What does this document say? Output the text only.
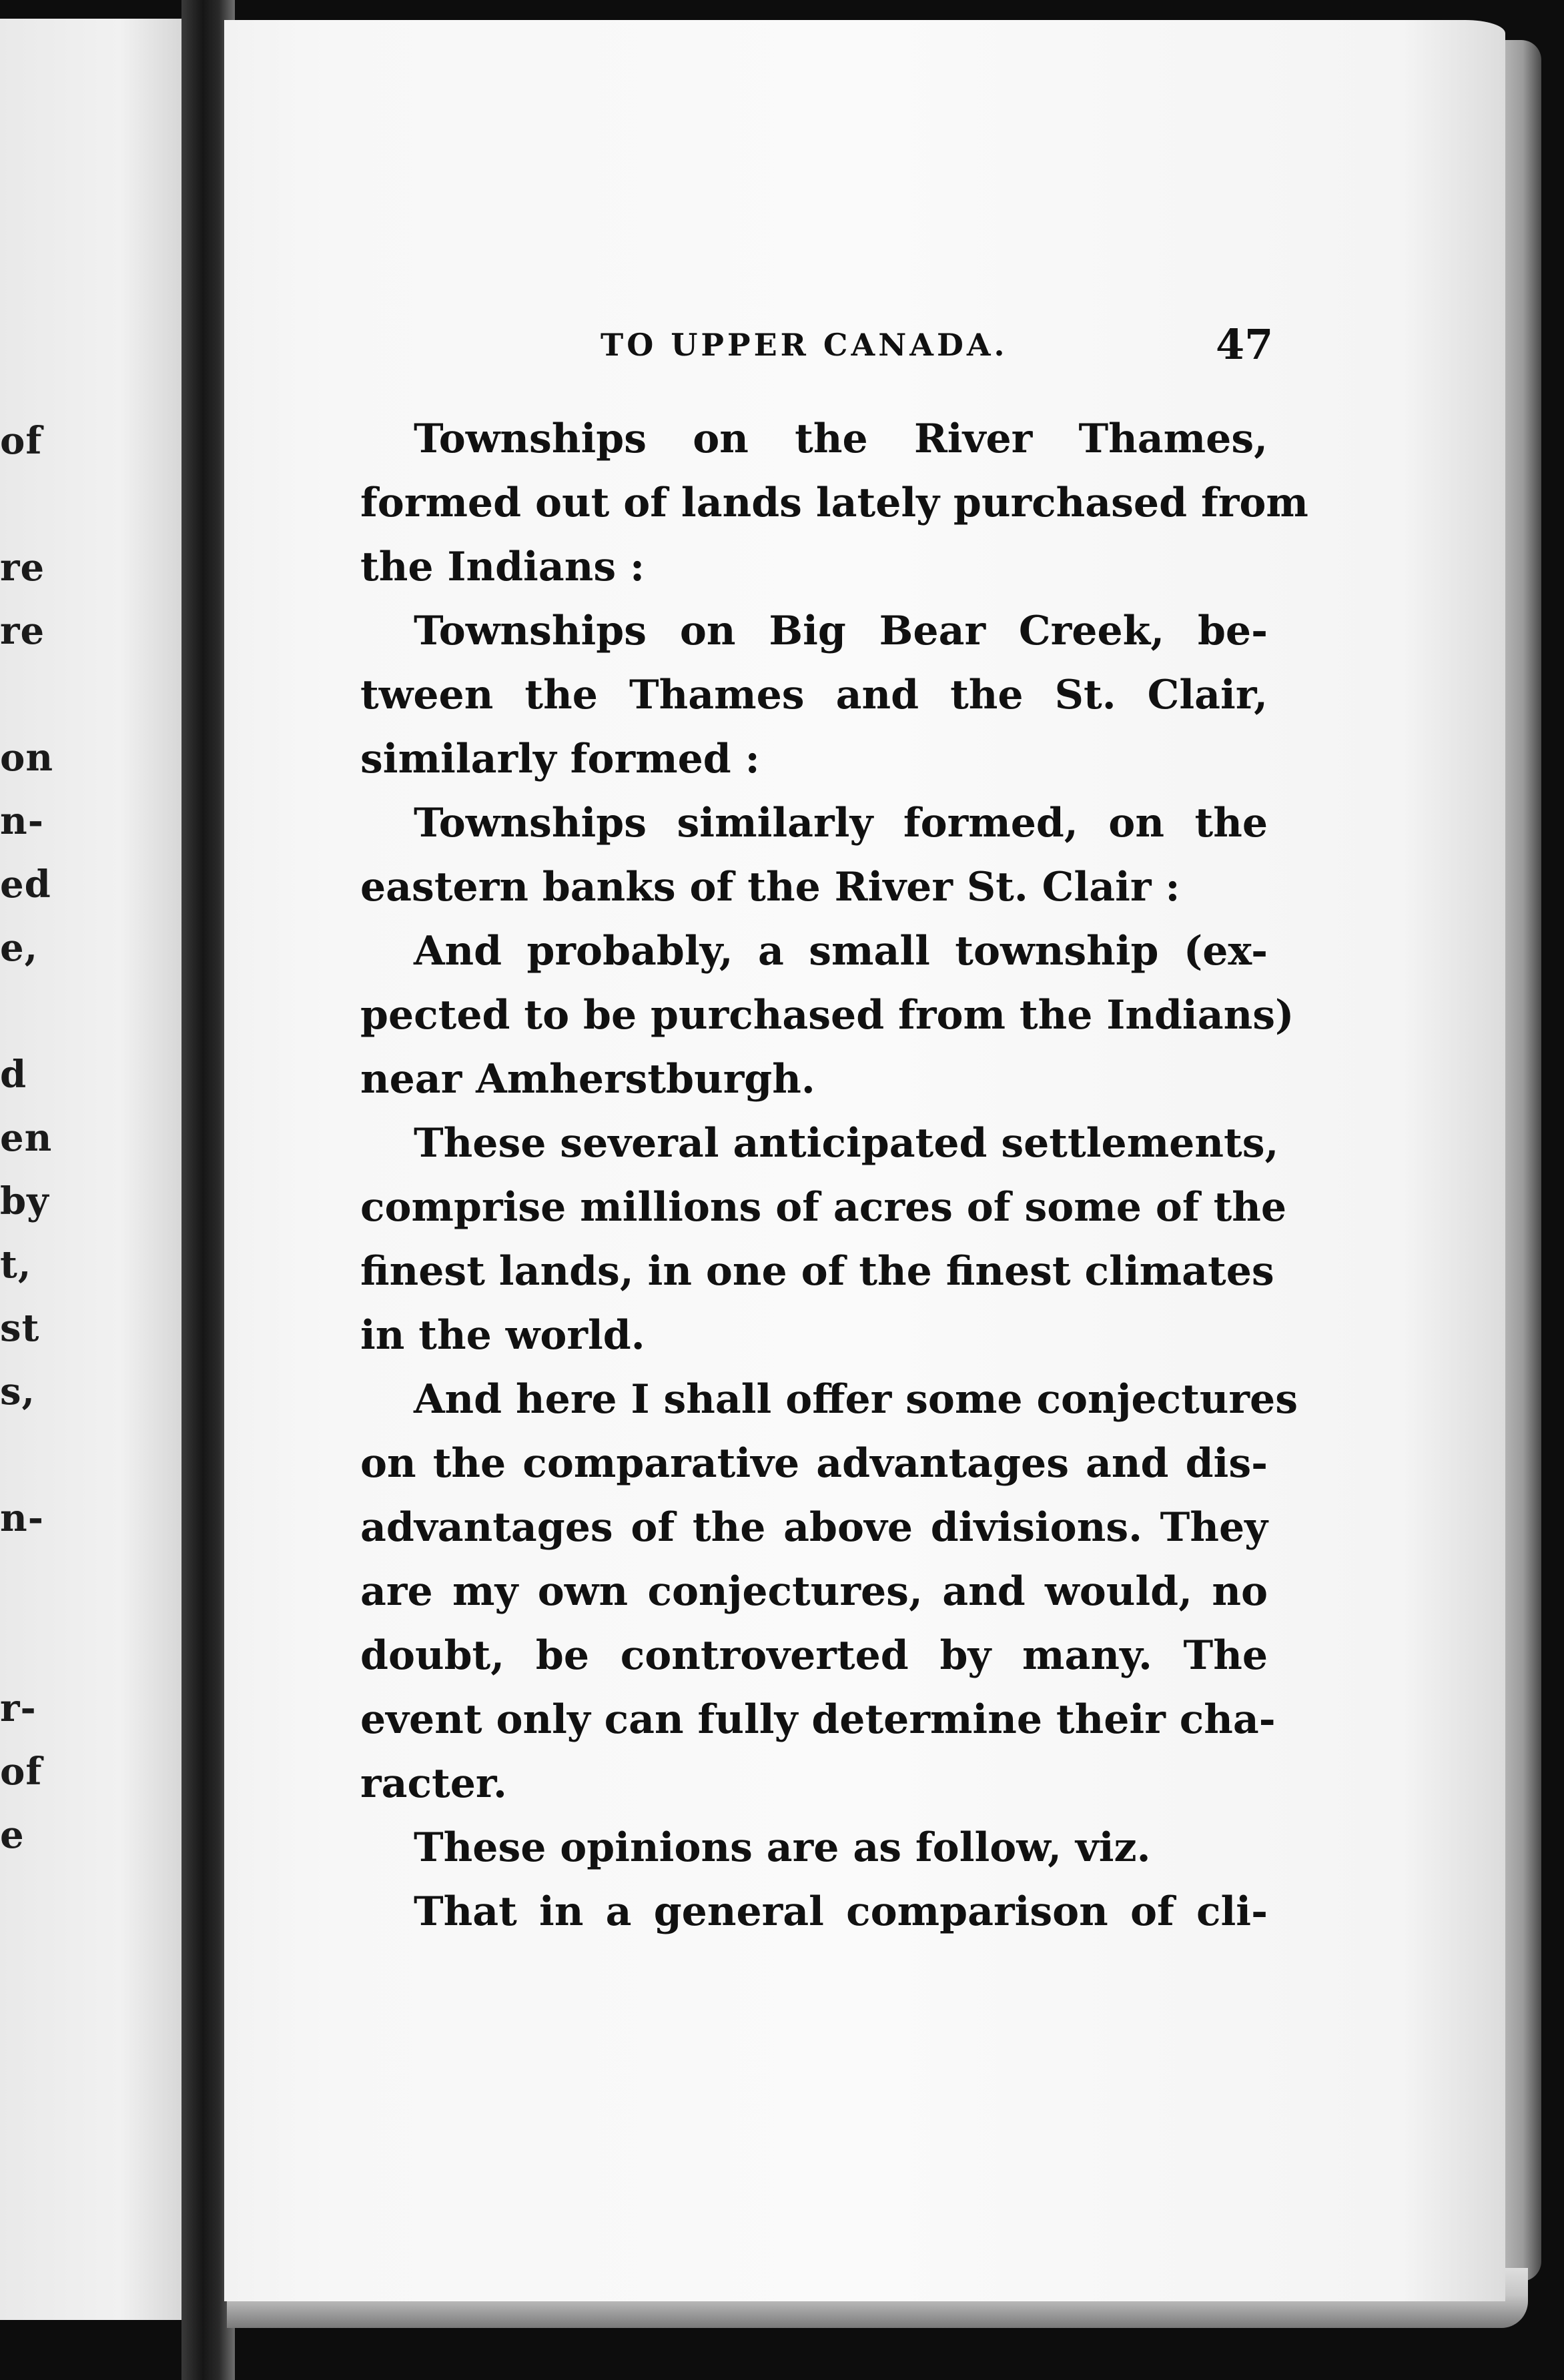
of
re
re
on
n-
ed
e,
d
en
by
t,
st
s,
n-
r-
of
e
TO UPPER CANADA.	47
Townships on the River Thames,
formed out of lands lately purchased from
the Indians :
Townships on Big Bear Creek, be-
tween the Thames and the St. Clair,
similarly formed :
Townships similarly formed, on the
eastern banks of the River St. Clair :
And probably, a small township (ex-
pected to be purchased from the Indians)
near Amherstburgh.
These several anticipated settlements,
comprise millions of acres of some of the
finest lands, in one of the finest climates
in the world.
And here I shall offer some conjectures
on the comparative advantages and dis-
advantages of the above divisions. They
are my own conjectures, and would, no
doubt, be controverted by many. The
event only can fully determine their cha-
racter.
These opinions are as follow, viz.
That in a general comparison of cli-
